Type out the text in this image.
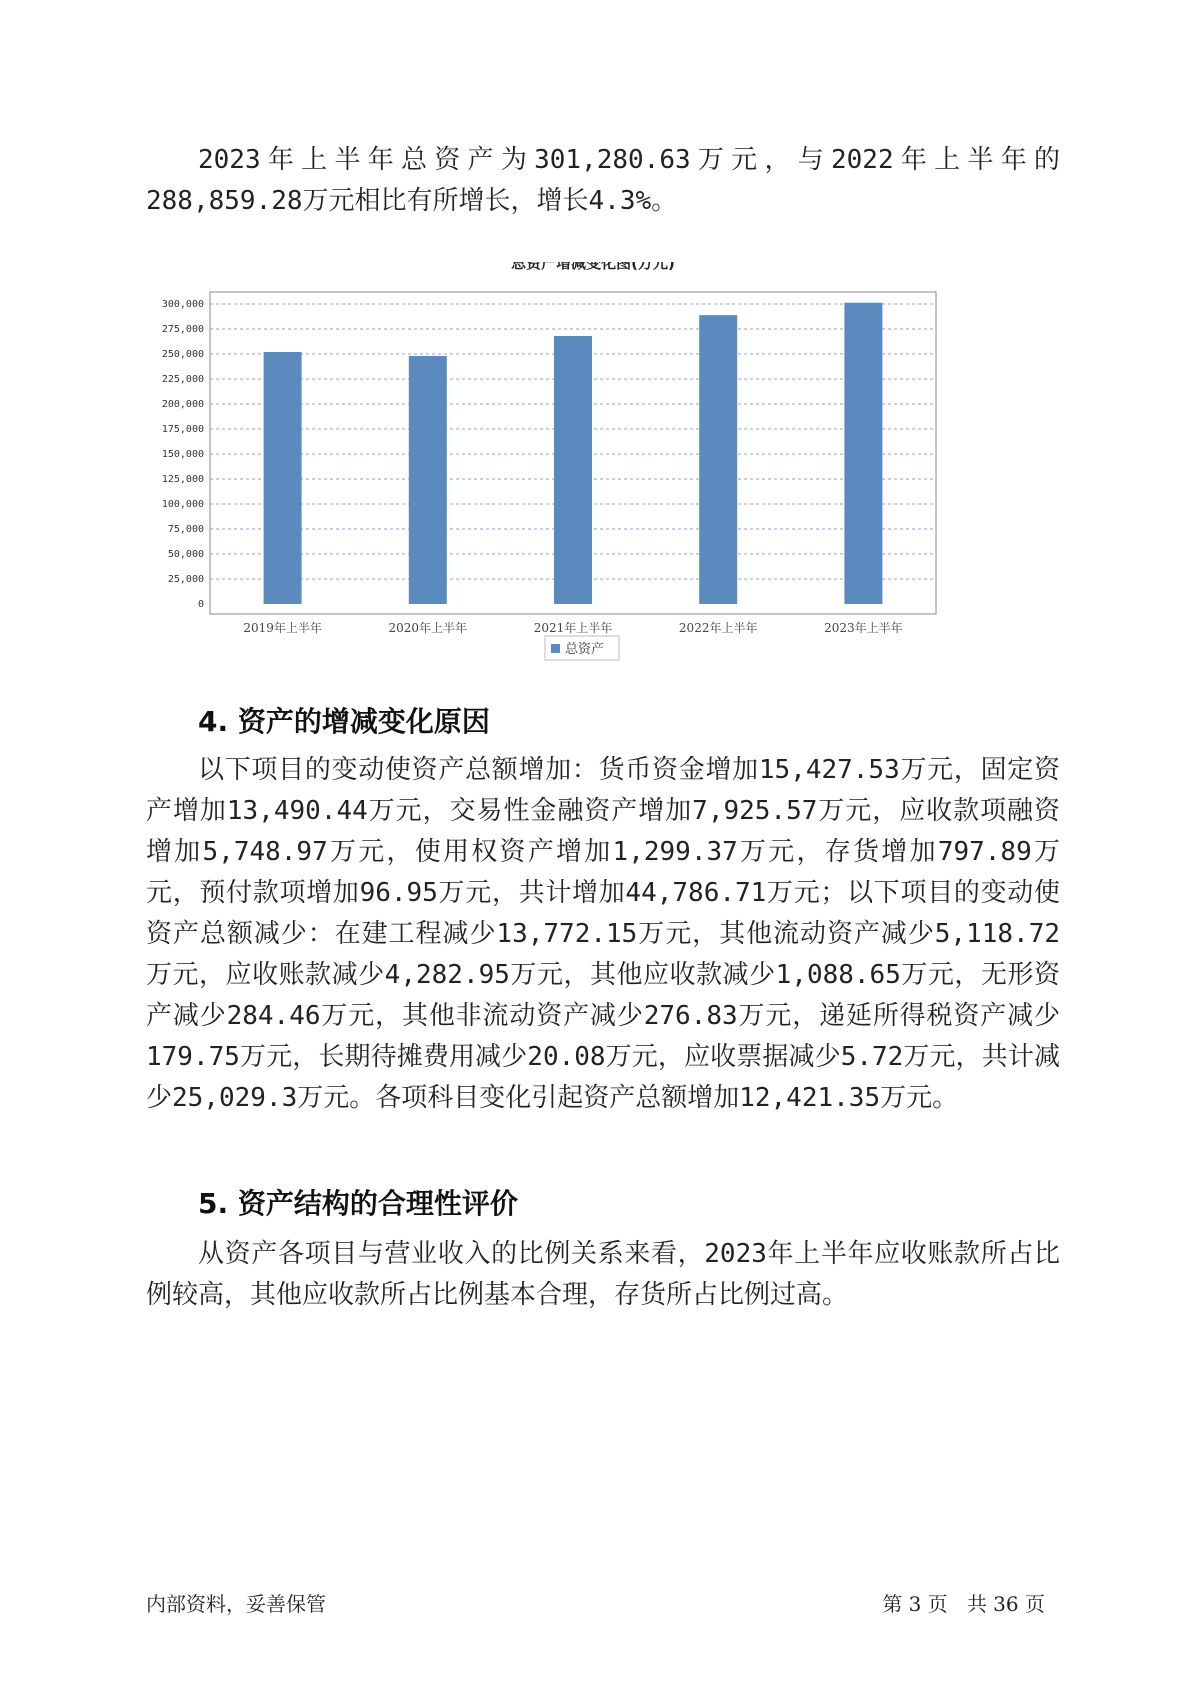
2023年上半年总资产为301,280.63万元，与2022年上半年的288,859.28万元相比有所增长，增长4.3%。

总资产增减变化图(万元)
0
25,000
50,000
75,000
100,000
125,000
150,000
175,000
200,000
225,000
250,000
275,000
300,000
2019年上半年	2020年上半年	2021年上半年	2022年上半年	2023年上半年
总资产
4. 资产的增减变化原因

以下项目的变动使资产总额增加：货币资金增加15,427.53万元，固定资产增加13,490.44万元，交易性金融资产增加7,925.57万元，应收款项融资增加5,748.97万元，使用权资产增加1,299.37万元，存货增加797.89万元，预付款项增加96.95万元，共计增加44,786.71万元；以下项目的变动使资产总额减少：在建工程减少13,772.15万元，其他流动资产减少5,118.72万元，应收账款减少4,282.95万元，其他应收款减少1,088.65万元，无形资产减少284.46万元，其他非流动资产减少276.83万元，递延所得税资产减少179.75万元，长期待摊费用减少20.08万元，应收票据减少5.72万元，共计减少25,029.3万元。各项科目变化引起资产总额增加12,421.35万元。

5. 资产结构的合理性评价

从资产各项目与营业收入的比例关系来看，2023年上半年应收账款所占比例较高，其他应收款所占比例基本合理，存货所占比例过高。

内部资料，妥善保管	第 3 页   共 36 页
